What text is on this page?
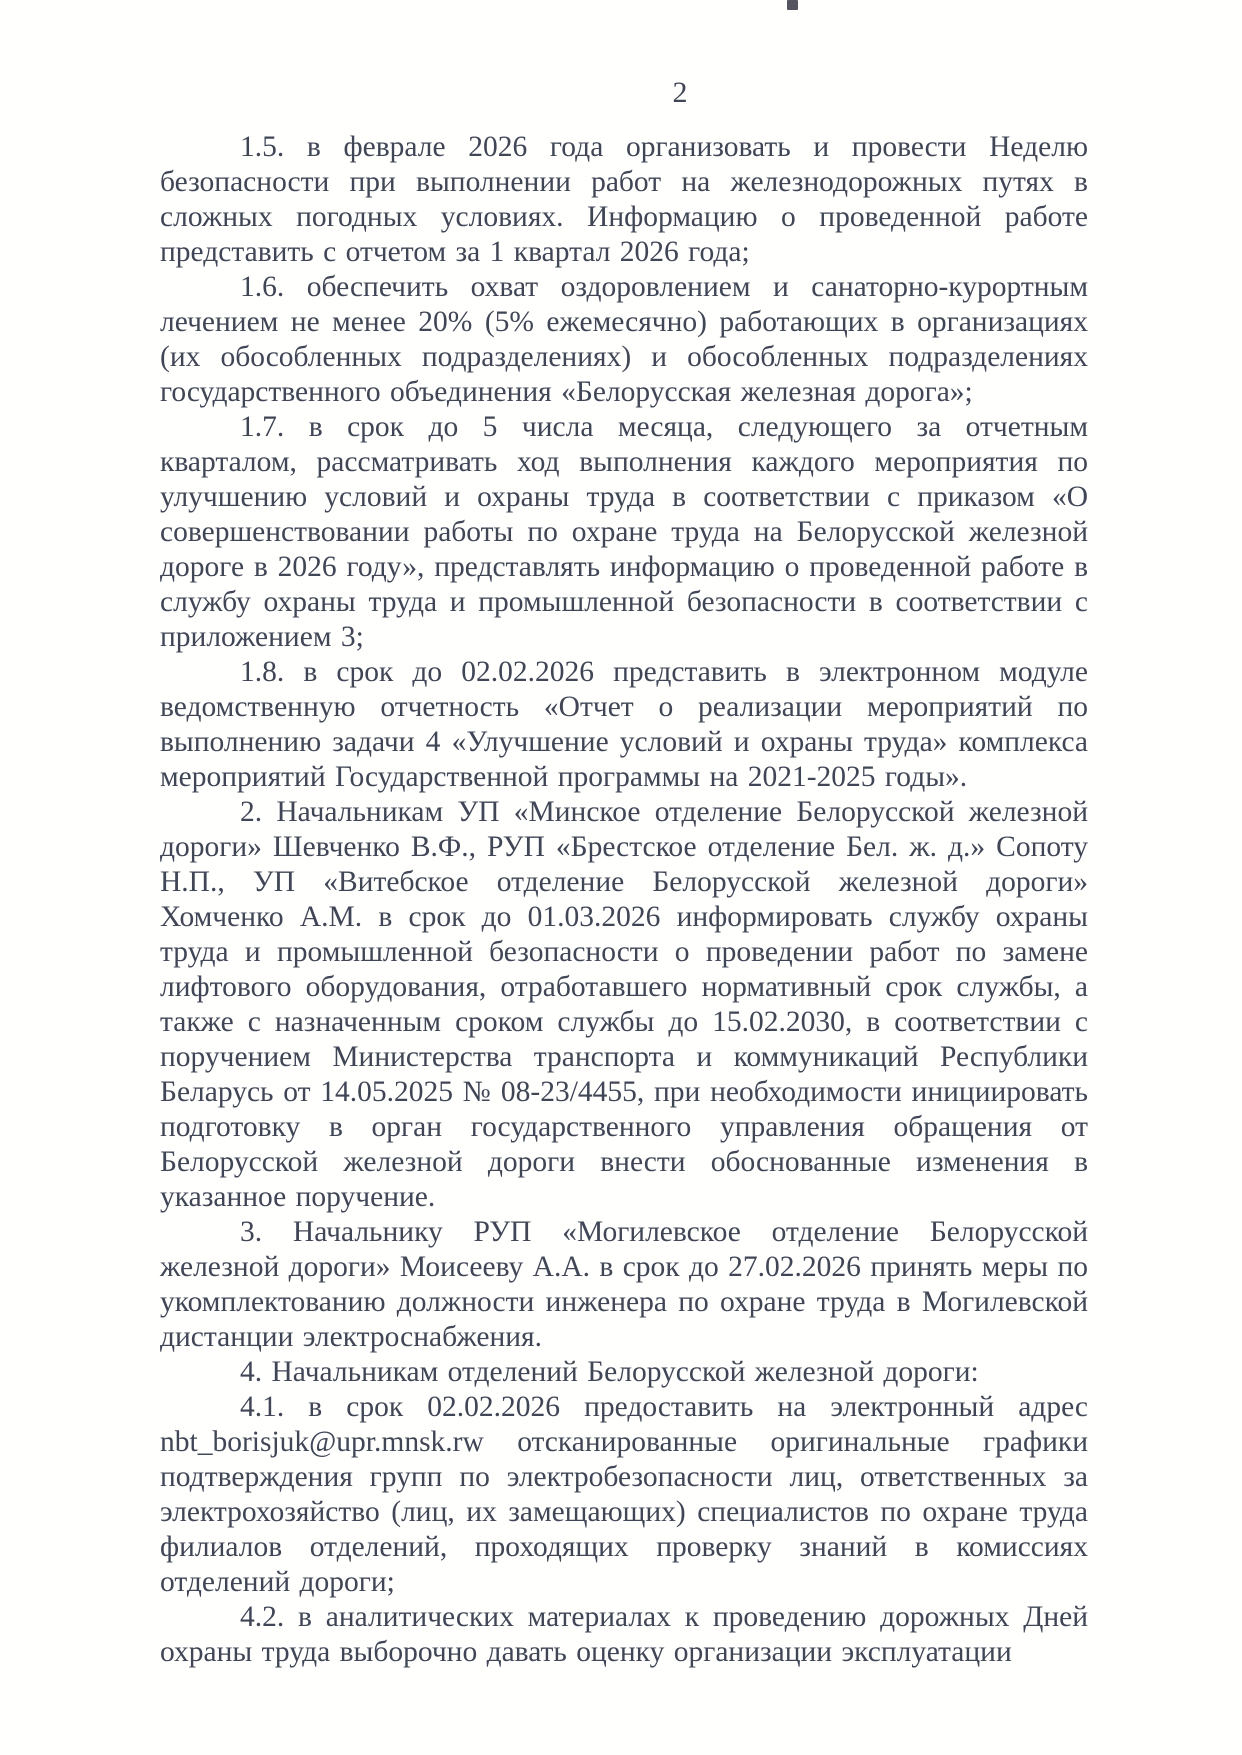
2

1.5. в феврале 2026 года организовать и провести Неделю безопасности при выполнении работ на железнодорожных путях в сложных погодных условиях. Информацию о проведенной работе представить с отчетом за 1 квартал 2026 года;

1.6. обеспечить охват оздоровлением и санаторно-курортным лечением не менее 20% (5% ежемесячно) работающих в организациях (их обособленных подразделениях) и обособленных подразделениях государственного объединения «Белорусская железная дорога»;

1.7. в срок до 5 числа месяца, следующего за отчетным кварталом, рассматривать ход выполнения каждого мероприятия по улучшению условий и охраны труда в соответствии с приказом «О совершенствовании работы по охране труда на Белорусской железной дороге в 2026 году», представлять информацию о проведенной работе в службу охраны труда и промышленной безопасности в соответствии с приложением 3;

1.8. в срок до 02.02.2026 представить в электронном модуле ведомственную отчетность «Отчет о реализации мероприятий по выполнению задачи 4 «Улучшение условий и охраны труда» комплекса мероприятий Государственной программы на 2021-2025 годы».

2. Начальникам УП «Минское отделение Белорусской железной дороги» Шевченко В.Ф., РУП «Брестское отделение Бел. ж. д.» Сопоту Н.П., УП «Витебское отделение Белорусской железной дороги» Хомченко А.М. в срок до 01.03.2026 информировать службу охраны труда и промышленной безопасности о проведении работ по замене лифтового оборудования, отработавшего нормативный срок службы, а также с назначенным сроком службы до 15.02.2030, в соответствии с поручением Министерства транспорта и коммуникаций Республики Беларусь от 14.05.2025 № 08-23/4455, при необходимости инициировать подготовку в орган государственного управления обращения от Белорусской железной дороги внести обоснованные изменения в указанное поручение.

3. Начальнику РУП «Могилевское отделение Белорусской железной дороги» Моисееву А.А. в срок до 27.02.2026 принять меры по укомплектованию должности инженера по охране труда в Могилевской дистанции электроснабжения.

4. Начальникам отделений Белорусской железной дороги:

4.1. в срок 02.02.2026 предоставить на электронный адрес nbt_borisjuk@upr.mnsk.rw отсканированные оригинальные графики подтверждения групп по электробезопасности лиц, ответственных за электрохозяйство (лиц, их замещающих) специалистов по охране труда филиалов отделений, проходящих проверку знаний в комиссиях отделений дороги;

4.2. в аналитических материалах к проведению дорожных Дней охраны труда выборочно давать оценку организации эксплуатации
